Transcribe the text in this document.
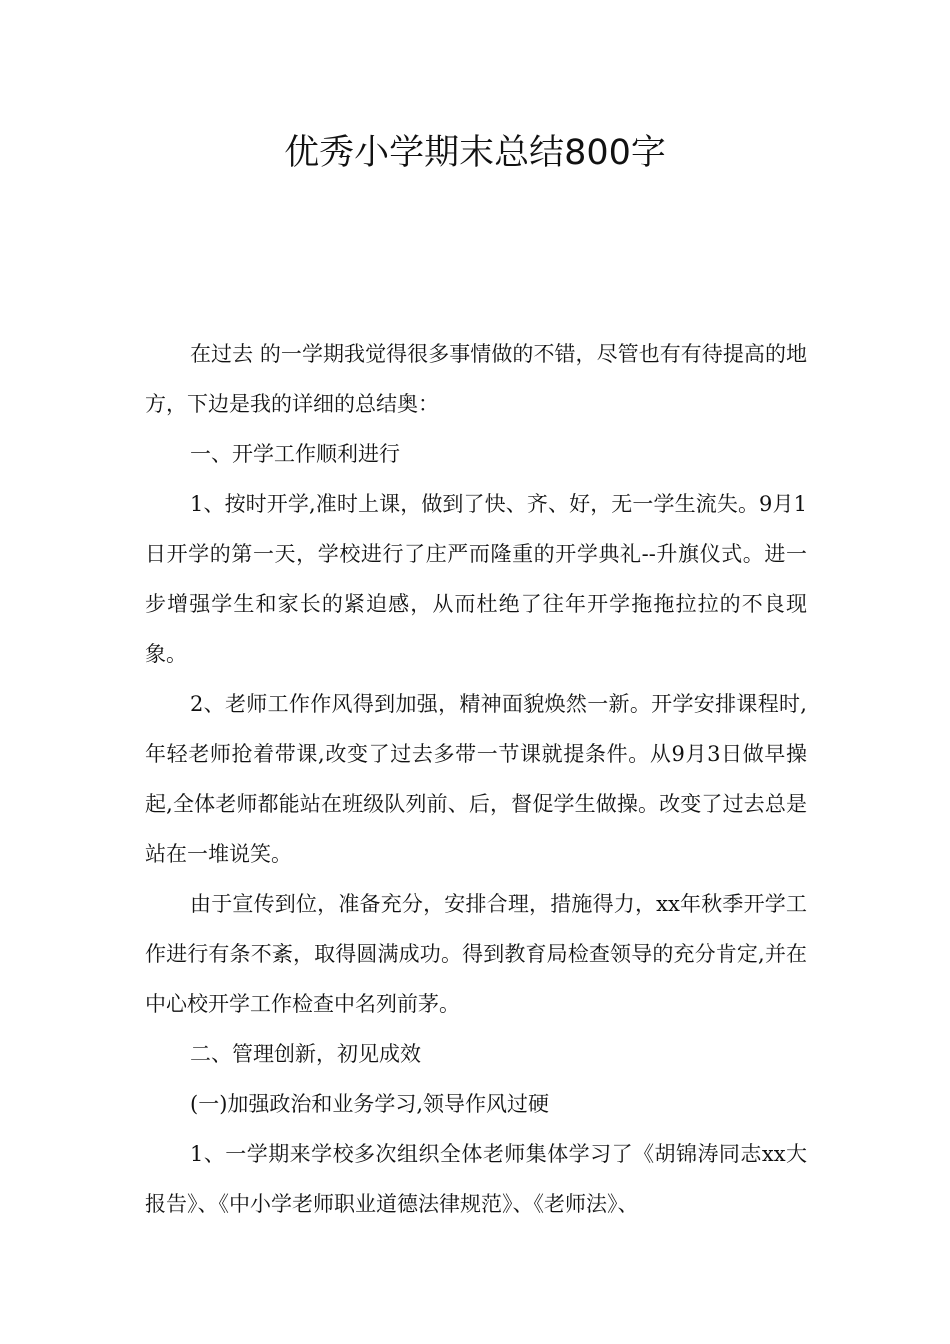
优秀小学期末总结800字

在过去 的一学期我觉得很多事情做的不错，尽管也有有待提高的地方，下边是我的详细的总结奥：

一、开学工作顺利进行

1、按时开学,准时上课，做到了快、齐、好，无一学生流失。9月1日开学的第一天，学校进行了庄严而隆重的开学典礼--升旗仪式。进一步增强学生和家长的紧迫感，从而杜绝了往年开学拖拖拉拉的不良现象。

2、老师工作作风得到加强，精神面貌焕然一新。开学安排课程时,年轻老师抢着带课,改变了过去多带一节课就提条件。从9月3日做早操起,全体老师都能站在班级队列前、后，督促学生做操。改变了过去总是站在一堆说笑。

由于宣传到位，准备充分，安排合理，措施得力，xx年秋季开学工作进行有条不紊，取得圆满成功。得到教育局检查领导的充分肯定,并在中心校开学工作检查中名列前茅。

二、管理创新，初见成效

(一)加强政治和业务学习,领导作风过硬

1、一学期来学校多次组织全体老师集体学习了《胡锦涛同志xx大报告》、《中小学老师职业道德法律规范》、《老师法》、
